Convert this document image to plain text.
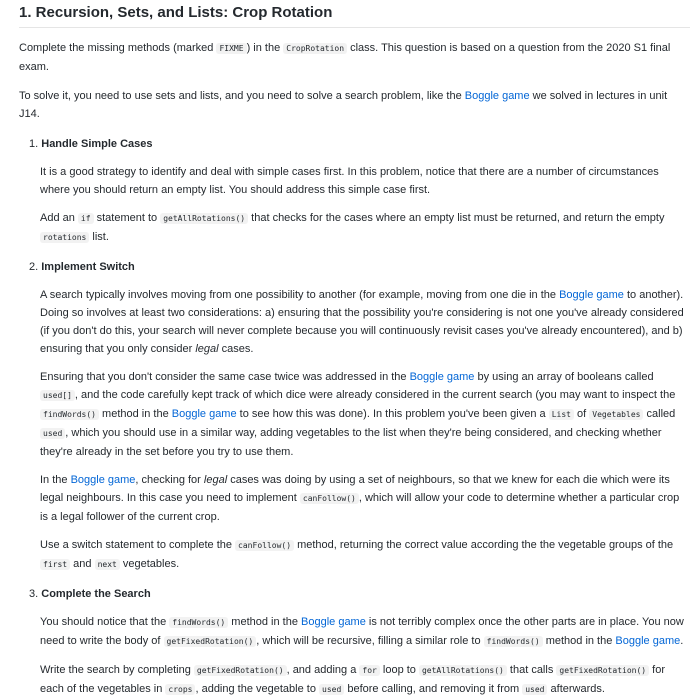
1. Recursion, Sets, and Lists: Crop Rotation

Complete the missing methods (marked FIXME ) in the CropRotation class. This question is based on a question from the 2020 S1 final exam.

To solve it, you need to use sets and lists, and you need to solve a search problem, like the Boggle game we solved in lectures in unit J14.

1. Handle Simple Cases

It is a good strategy to identify and deal with simple cases first. In this problem, notice that there are a number of circumstances where you should return an empty list. You should address this simple case first.

Add an if statement to getAllRotations() that checks for the cases where an empty list must be returned, and return the empty rotations list.

2. Implement Switch

A search typically involves moving from one possibility to another (for example, moving from one die in the Boggle game to another). Doing so involves at least two considerations: a) ensuring that the possibility you're considering is not one you've already considered (if you don't do this, your search will never complete because you will continuously revisit cases you've already encountered), and b) ensuring that you only consider legal cases.

Ensuring that you don't consider the same case twice was addressed in the Boggle game by using an array of booleans called used[] , and the code carefully kept track of which dice were already considered in the current search (you may want to inspect the findWords() method in the Boggle game to see how this was done). In this problem you've been given a List of Vegetables called used , which you should use in a similar way, adding vegetables to the list when they're being considered, and checking whether they're already in the set before you try to use them.

In the Boggle game, checking for legal cases was doing by using a set of neighbours, so that we knew for each die which were its legal neighbours. In this case you need to implement canFollow() , which will allow your code to determine whether a particular crop is a legal follower of the current crop.

Use a switch statement to complete the canFollow() method, returning the correct value according the the vegetable groups of the first and next vegetables.

3. Complete the Search

You should notice that the findWords() method in the Boggle game is not terribly complex once the other parts are in place. You now need to write the body of getFixedRotation() , which will be recursive, filling a similar role to findWords() method in the Boggle game.

Write the search by completing getFixedRotation() , and adding a for loop to getAllRotations() that calls getFixedRotation() for each of the vegetables in crops , adding the vegetable to used before calling, and removing it from used afterwards.
